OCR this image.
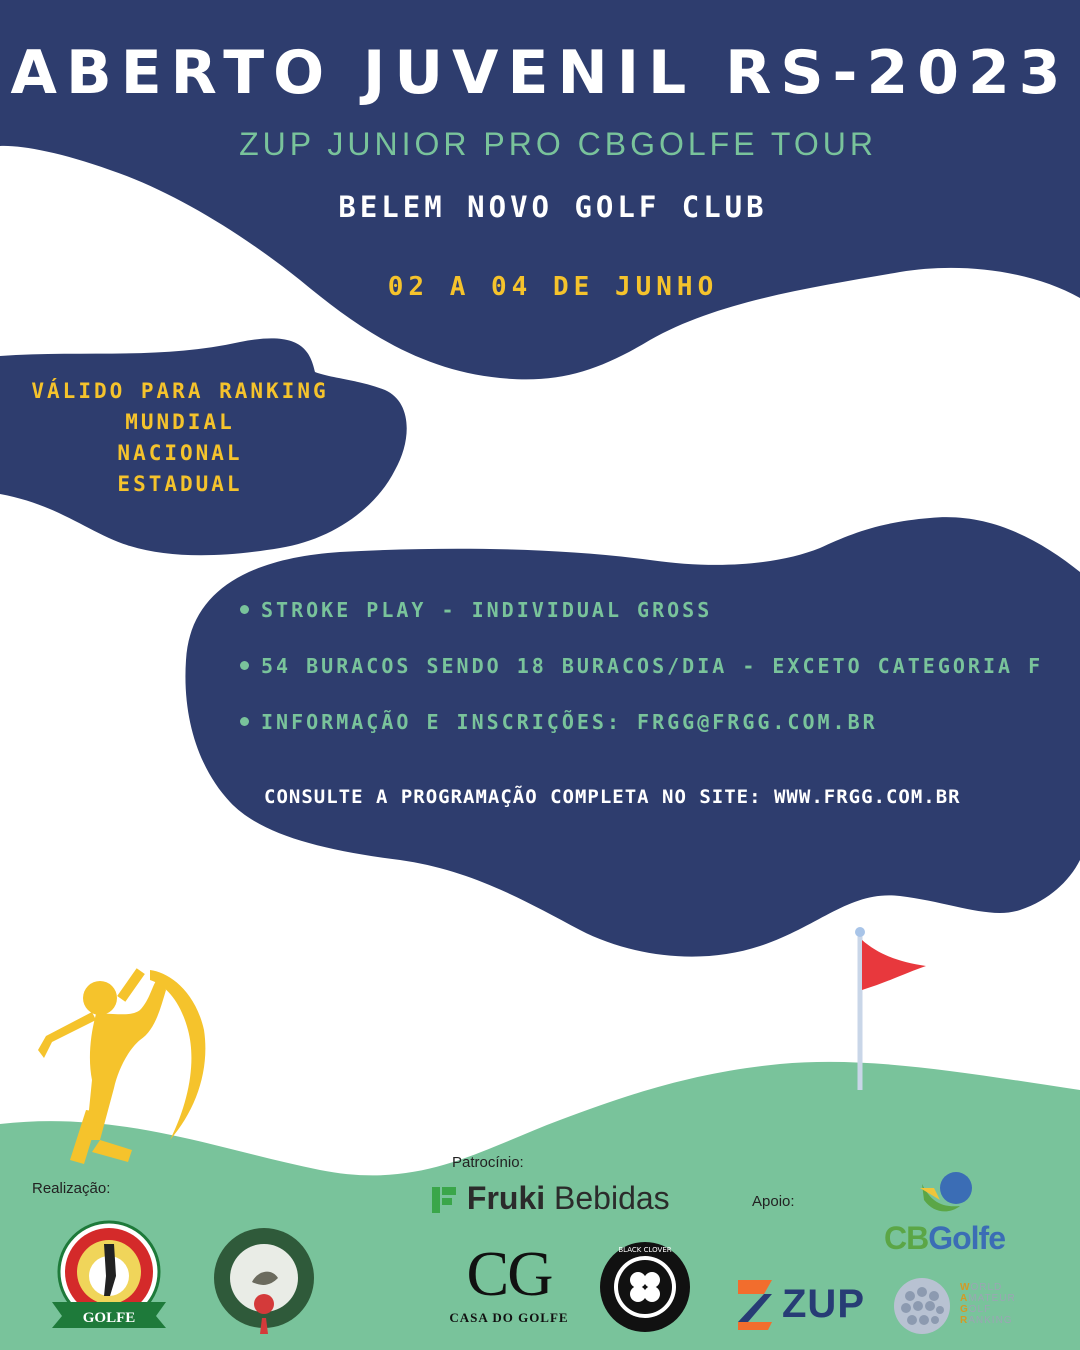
ABERTO JUVENIL RS-2023
ZUP JUNIOR PRO CBGOLFE TOUR
BELEM NOVO GOLF CLUB
02 A 04 DE JUNHO
VÁLIDO PARA RANKING
MUNDIAL
NACIONAL
ESTADUAL
STROKE PLAY - INDIVIDUAL GROSS
54 BURACOS SENDO 18 BURACOS/DIA - EXCETO CATEGORIA F
INFORMAÇÃO E INSCRIÇÕES: FRGG@FRGG.COM.BR
CONSULTE A PROGRAMAÇÃO COMPLETA NO SITE: WWW.FRGG.COM.BR
Realização:
Patrocínio:
Apoio:
GOLFE
Fruki Bebidas
CG
CASA DO GOLFE
BLACK CLOVER	CBGolfe
ZUP	WORLD
AMATEUR
GOLF
RANKING
